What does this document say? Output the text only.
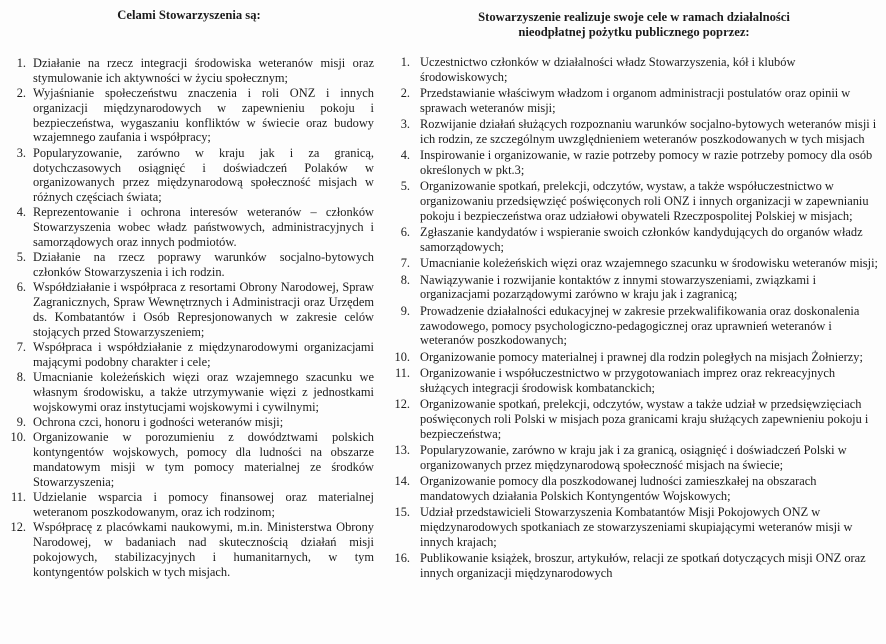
Celami Stowarzyszenia są:
1. Działanie na rzecz integracji środowiska weteranów misji oraz stymulowanie ich aktywności w życiu społecznym;
2. Wyjaśnianie społeczeństwu znaczenia i roli ONZ i innych organizacji międzynarodowych w zapewnieniu pokoju i bezpieczeństwa, wygaszaniu konfliktów w świecie oraz budowy wzajemnego zaufania i współpracy;
3. Popularyzowanie, zarówno w kraju jak i za granicą, dotychczasowych osiągnięć i doświadczeń Polaków w organizowanych przez międzynarodową społeczność misjach w różnych częściach świata;
4. Reprezentowanie i ochrona interesów weteranów – członków Stowarzyszenia wobec władz państwowych, administracyjnych i samorządowych oraz innych podmiotów.
5. Działanie na rzecz poprawy warunków socjalno-bytowych członków Stowarzyszenia i ich rodzin.
6. Współdziałanie i współpraca z resortami Obrony Narodowej, Spraw Zagranicznych, Spraw Wewnętrznych i Administracji oraz Urzędem ds. Kombatantów i Osób Represjonowanych w zakresie celów stojących przed Stowarzyszeniem;
7. Współpraca i współdziałanie z międzynarodowymi organizacjami mającymi podobny charakter i cele;
8. Umacnianie koleżeńskich więzi oraz wzajemnego szacunku we własnym środowisku, a także utrzymywanie więzi z jednostkami wojskowymi oraz instytucjami wojskowymi i cywilnymi;
9. Ochrona czci, honoru i godności weteranów misji;
10. Organizowanie w porozumieniu z dowództwami polskich kontyngentów wojskowych, pomocy dla ludności na obszarze mandatowym misji w tym pomocy materialnej ze środków Stowarzyszenia;
11. Udzielanie wsparcia i pomocy finansowej oraz materialnej weteranom poszkodowanym, oraz ich rodzinom;
12. Współpracę z placówkami naukowymi, m.in. Ministerstwa Obrony Narodowej, w badaniach nad skutecznością działań misji pokojowych, stabilizacyjnych i humanitarnych, w tym kontyngentów polskich w tych misjach.
Stowarzyszenie realizuje swoje cele w ramach działalności
nieodpłatnej pożytku publicznego poprzez:
1. Uczestnictwo członków w działalności władz Stowarzyszenia, kół i klubów środowiskowych;
2. Przedstawianie właściwym władzom i organom administracji postulatów oraz opinii w sprawach weteranów misji;
3. Rozwijanie działań służących rozpoznaniu warunków socjalno-bytowych weteranów misji i ich rodzin, ze szczególnym uwzględnieniem weteranów poszkodowanych w tych misjach
4. Inspirowanie i organizowanie, w razie potrzeby pomocy w razie potrzeby pomocy dla osób określonych w pkt.3;
5. Organizowanie spotkań, prelekcji, odczytów, wystaw, a także współuczestnictwo w organizowaniu przedsięwzięć poświęconych roli ONZ i innych organizacji w zapewnianiu pokoju i bezpieczeństwa oraz udziałowi obywateli Rzeczpospolitej Polskiej w misjach;
6. Zgłaszanie kandydatów i wspieranie swoich członków kandydujących do organów władz samorządowych;
7. Umacnianie koleżeńskich więzi oraz wzajemnego szacunku w środowisku weteranów misji;
8. Nawiązywanie i rozwijanie kontaktów z innymi stowarzyszeniami, związkami i organizacjami pozarządowymi zarówno w kraju jak i zagranicą;
9. Prowadzenie działalności edukacyjnej w zakresie przekwalifikowania oraz doskonalenia zawodowego, pomocy psychologiczno-pedagogicznej oraz uprawnień weteranów i weteranów poszkodowanych;
10. Organizowanie pomocy materialnej i prawnej dla rodzin poległych na misjach Żołnierzy;
11. Organizowanie i współuczestnictwo w przygotowaniach imprez oraz rekreacyjnych służących integracji środowisk kombatanckich;
12. Organizowanie spotkań, prelekcji, odczytów, wystaw a także udział w przedsięwzięciach poświęconych roli Polski w misjach poza granicami kraju służących zapewnieniu pokoju i bezpieczeństwa;
13. Popularyzowanie, zarówno w kraju jak i za granicą, osiągnięć i doświadczeń Polski w organizowanych przez międzynarodową społeczność misjach na świecie;
14. Organizowanie pomocy dla poszkodowanej ludności zamieszkałej na obszarach mandatowych działania Polskich Kontyngentów Wojskowych;
15. Udział przedstawicieli Stowarzyszenia Kombatantów Misji Pokojowych ONZ w międzynarodowych spotkaniach ze stowarzyszeniami skupiającymi weteranów misji w innych krajach;
16. Publikowanie książek, broszur, artykułów, relacji ze spotkań dotyczących misji ONZ oraz innych organizacji międzynarodowych
